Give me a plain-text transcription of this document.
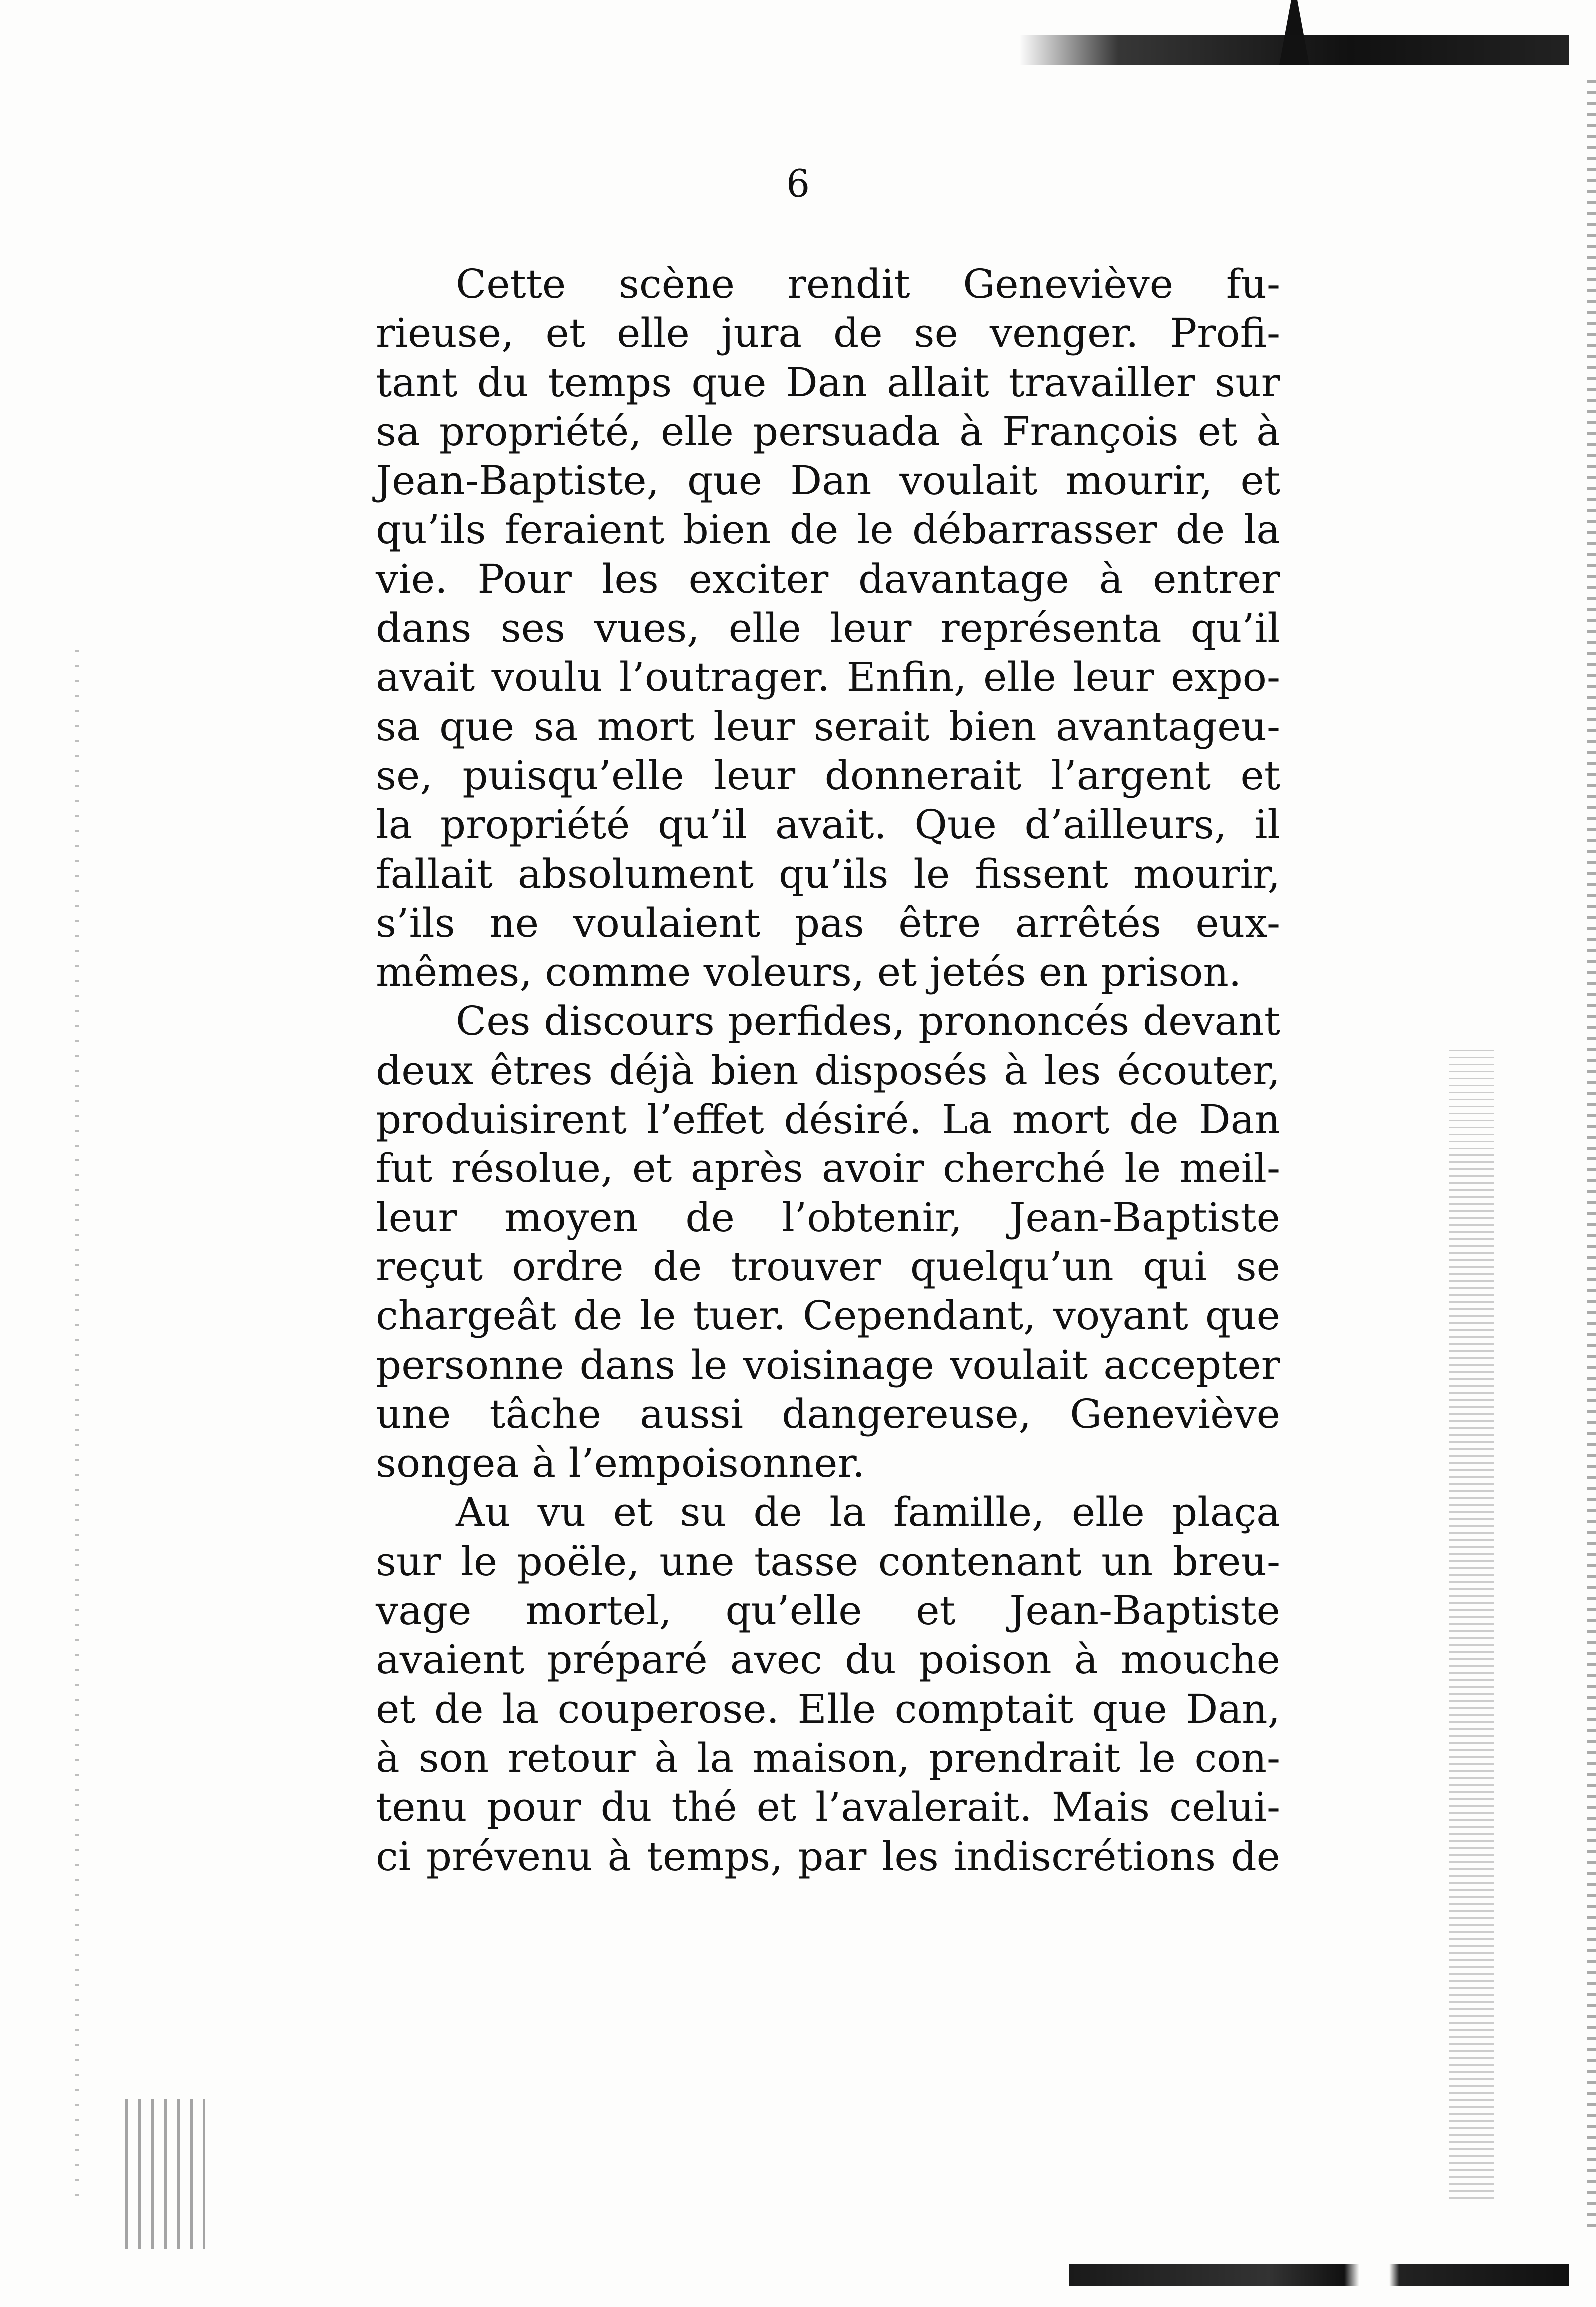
6

Cette scène rendit Geneviève fu-
rieuse, et elle jura de se venger. Profi-
tant du temps que Dan allait travailler sur
sa propriété, elle persuada à François et à
Jean-Baptiste, que Dan voulait mourir, et
qu’ils feraient bien de le débarrasser de la
vie. Pour les exciter davantage à entrer
dans ses vues, elle leur représenta qu’il
avait voulu l’outrager. Enfin, elle leur expo-
sa que sa mort leur serait bien avantageu-
se, puisqu’elle leur donnerait l’argent et
la propriété qu’il avait. Que d’ailleurs, il
fallait absolument qu’ils le fissent mourir,
s’ils ne voulaient pas être arrêtés eux-
mêmes, comme voleurs, et jetés en prison.
Ces discours perfides, prononcés devant
deux êtres déjà bien disposés à les écouter,
produisirent l’effet désiré. La mort de Dan
fut résolue, et après avoir cherché le meil-
leur moyen de l’obtenir, Jean-Baptiste
reçut ordre de trouver quelqu’un qui se
chargeât de le tuer. Cependant, voyant que
personne dans le voisinage voulait accepter
une tâche aussi dangereuse, Geneviève
songea à l’empoisonner.
Au vu et su de la famille, elle plaça
sur le poële, une tasse contenant un breu-
vage mortel, qu’elle et Jean-Baptiste
avaient préparé avec du poison à mouche
et de la couperose. Elle comptait que Dan,
à son retour à la maison, prendrait le con-
tenu pour du thé et l’avalerait. Mais celui-
ci prévenu à temps, par les indiscrétions de
